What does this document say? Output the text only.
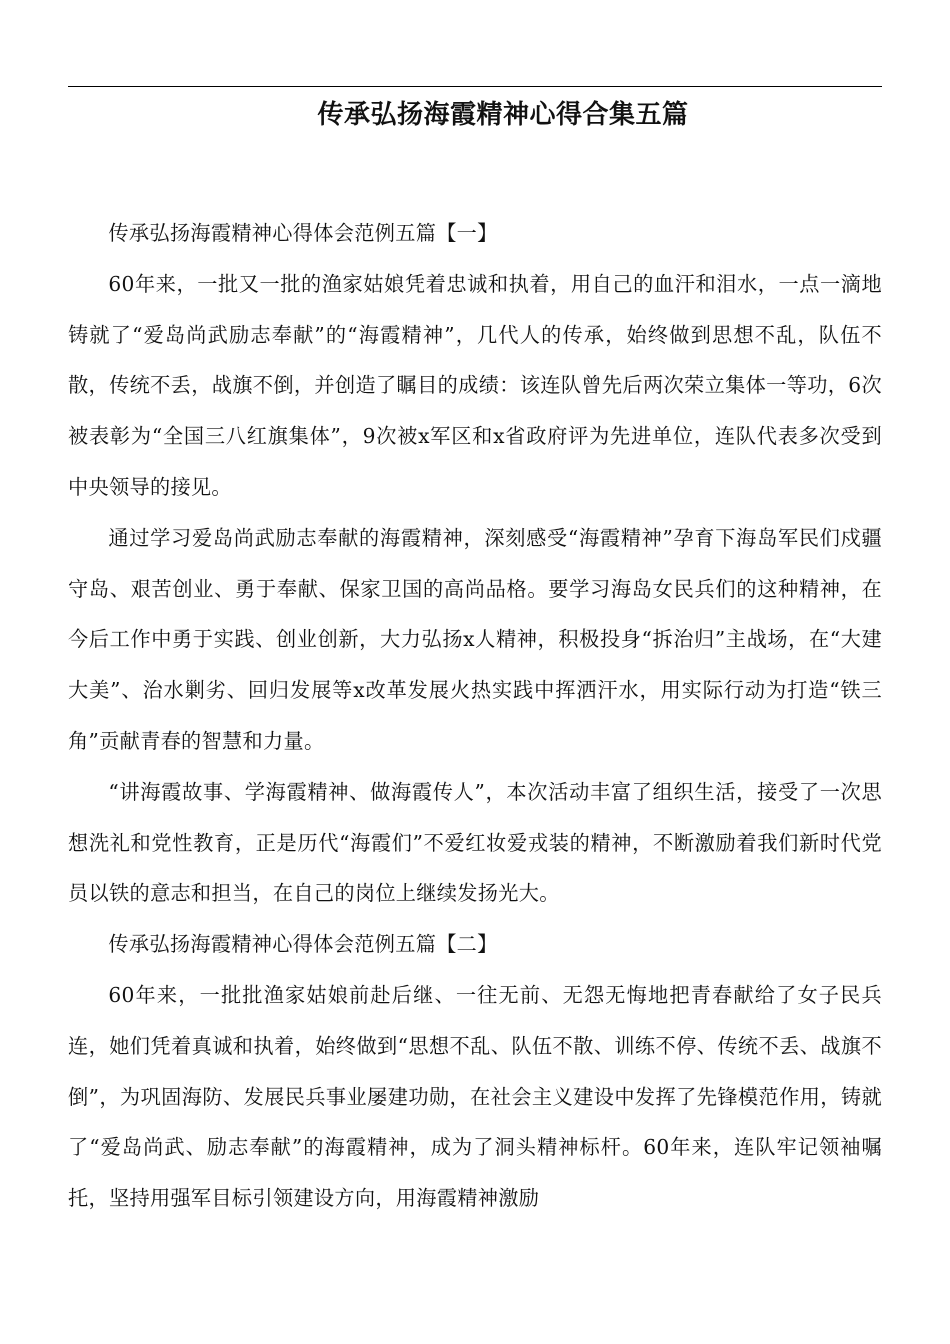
传承弘扬海霞精神心得合集五篇

传承弘扬海霞精神心得体会范例五篇【一】

60年来，一批又一批的渔家姑娘凭着忠诚和执着，用自己的血汗和泪水，一点一滴地铸就了“爱岛尚武励志奉献”的“海霞精神”，几代人的传承，始终做到思想不乱，队伍不散，传统不丢，战旗不倒，并创造了瞩目的成绩：该连队曾先后两次荣立集体一等功，6次被表彰为“全国三八红旗集体”，9次被x军区和x省政府评为先进单位，连队代表多次受到中央领导的接见。

通过学习爱岛尚武励志奉献的海霞精神，深刻感受“海霞精神”孕育下海岛军民们戍疆守岛、艰苦创业、勇于奉献、保家卫国的高尚品格。要学习海岛女民兵们的这种精神，在今后工作中勇于实践、创业创新，大力弘扬x人精神，积极投身“拆治归”主战场，在“大建大美”、治水剿劣、回归发展等x改革发展火热实践中挥洒汗水，用实际行动为打造“铁三角”贡献青春的智慧和力量。

“讲海霞故事、学海霞精神、做海霞传人”，本次活动丰富了组织生活，接受了一次思想洗礼和党性教育，正是历代“海霞们”不爱红妆爱戎装的精神，不断激励着我们新时代党员以铁的意志和担当，在自己的岗位上继续发扬光大。

传承弘扬海霞精神心得体会范例五篇【二】

60年来，一批批渔家姑娘前赴后继、一往无前、无怨无悔地把青春献给了女子民兵连，她们凭着真诚和执着，始终做到“思想不乱、队伍不散、训练不停、传统不丢、战旗不倒”，为巩固海防、发展民兵事业屡建功勋，在社会主义建设中发挥了先锋模范作用，铸就了“爱岛尚武、励志奉献”的海霞精神，成为了洞头精神标杆。60年来，连队牢记领袖嘱托，坚持用强军目标引领建设方向，用海霞精神激励
